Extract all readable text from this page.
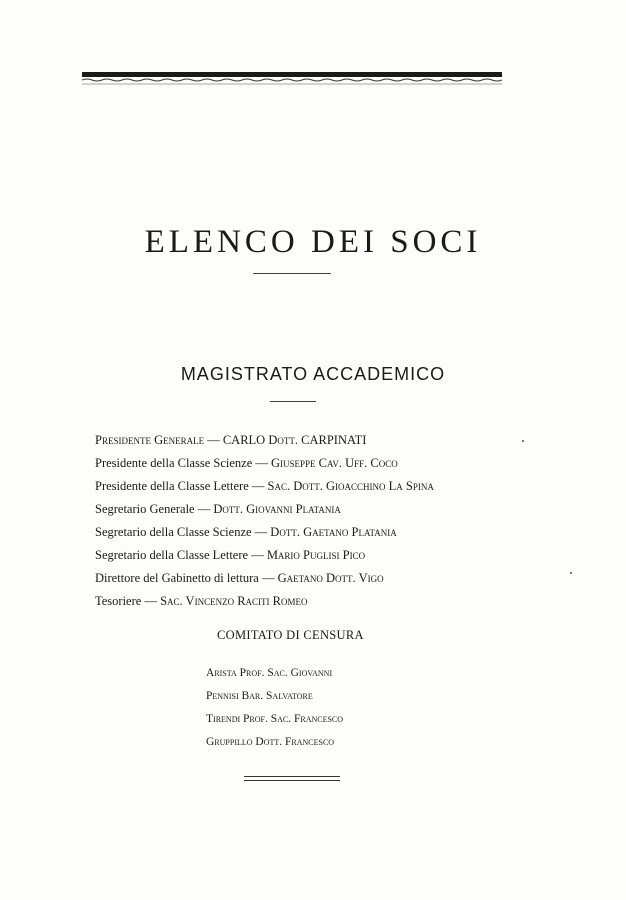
ELENCO DEI SOCI
MAGISTRATO ACCADEMICO
Presidente Generale — CARLO Dott. CARPINATI
Presidente della Classe Scienze — Giuseppe Cav. Uff. Coco
Presidente della Classe Lettere — Sac. Dott. Gioacchino La Spina
Segretario Generale — Dott. Giovanni Platania
Segretario della Classe Scienze — Dott. Gaetano Platania
Segretario della Classe Lettere — Mario Puglisi Pico
Direttore del Gabinetto di lettura — Gaetano Dott. Vigo
Tesoriere — Sac. Vincenzo Raciti Romeo
COMITATO DI CENSURA
Arista Prof. Sac. Giovanni
Pennisi Bar. Salvatore
Tirendi Prof. Sac. Francesco
Gruppillo Dott. Francesco
